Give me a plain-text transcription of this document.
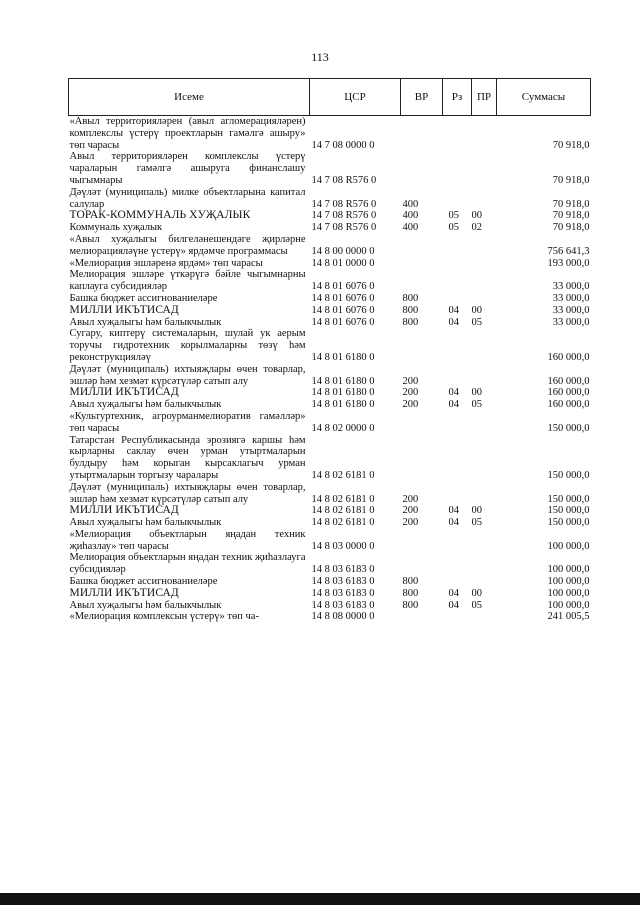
113
Исеме	ЦСР	ВР	Рз	ПР	Суммасы
«Авыл территорияләрен (авыл агломерацияләрен) комплекслы үстерү проектларын гамәлгә ашыру» төп чарасы	14 7 08 0000 0				70 918,0
Авыл территорияләрен комплекслы үстерү чараларын гамәлгә ашыруга финанслашу чыгымнары	14 7 08 R576 0				70 918,0
Дәүләт (муниципаль) милке объектларына капитал салулар	14 7 08 R576 0	400			70 918,0
ТОРАК-КОММУНАЛЬ ХУҖАЛЫК	14 7 08 R576 0	400	05	00	70 918,0
Коммуналь хуҗалык	14 7 08 R576 0	400	05	02	70 918,0
«Авыл хуҗалыгы билгеләнешендәге җирләрне мелиорацияләүне үстерү» ярдәмче программасы	14 8 00 0000 0				756 641,3
«Мелиорация эшләренә ярдәм» төп чарасы	14 8 01 0000 0				193 000,0
Мелиорация эшләре үткәрүгә бәйле чыгымнарны каплауга субсидияләр	14 8 01 6076 0				33 000,0
Башка бюджет ассигнованиеләре	14 8 01 6076 0	800			33 000,0
МИЛЛИ ИКЪТИСАД	14 8 01 6076 0	800	04	00	33 000,0
Авыл хуҗалыгы һәм балыкчылык	14 8 01 6076 0	800	04	05	33 000,0
Сугару, киптерү системаларын, шулай ук аерым торучы гидротехник корылмаларны төзү һәм реконструкцияләү	14 8 01 6180 0				160 000,0
Дәүләт (муниципаль) ихтыяҗлары өчен товарлар, эшләр һәм хезмәт күрсәтүләр сатып алу	14 8 01 6180 0	200			160 000,0
МИЛЛИ ИКЪТИСАД	14 8 01 6180 0	200	04	00	160 000,0
Авыл хуҗалыгы һәм балыкчылык	14 8 01 6180 0	200	04	05	160 000,0
«Культуртехник, агроурманмелиоратив гамәлләр» төп чарасы	14 8 02 0000 0				150 000,0
Татарстан Республикасында эрозиягә каршы һәм кырларны саклау өчен урман утыртмаларын булдыру һәм корыган кырсаклагыч урман утыртмаларын торгызу чаралары	14 8 02 6181 0				150 000,0
Дәүләт (муниципаль) ихтыяҗлары өчен товарлар, эшләр һәм хезмәт күрсәтүләр сатып алу	14 8 02 6181 0	200			150 000,0
МИЛЛИ ИКЪТИСАД	14 8 02 6181 0	200	04	00	150 000,0
Авыл хуҗалыгы һәм балыкчылык	14 8 02 6181 0	200	04	05	150 000,0
«Мелиорация объектларын яңадан техник җиһазлау» төп чарасы	14 8 03 0000 0				100 000,0
Мелиорация объектларын яңадан техник җиһазлауга субсидияләр	14 8 03 6183 0				100 000,0
Башка бюджет ассигнованиеләре	14 8 03 6183 0	800			100 000,0
МИЛЛИ ИКЪТИСАД	14 8 03 6183 0	800	04	00	100 000,0
Авыл хуҗалыгы һәм балыкчылык	14 8 03 6183 0	800	04	05	100 000,0
«Мелиорация комплексын үстерү» төп ча-	14 8 08 0000 0				241 005,5
